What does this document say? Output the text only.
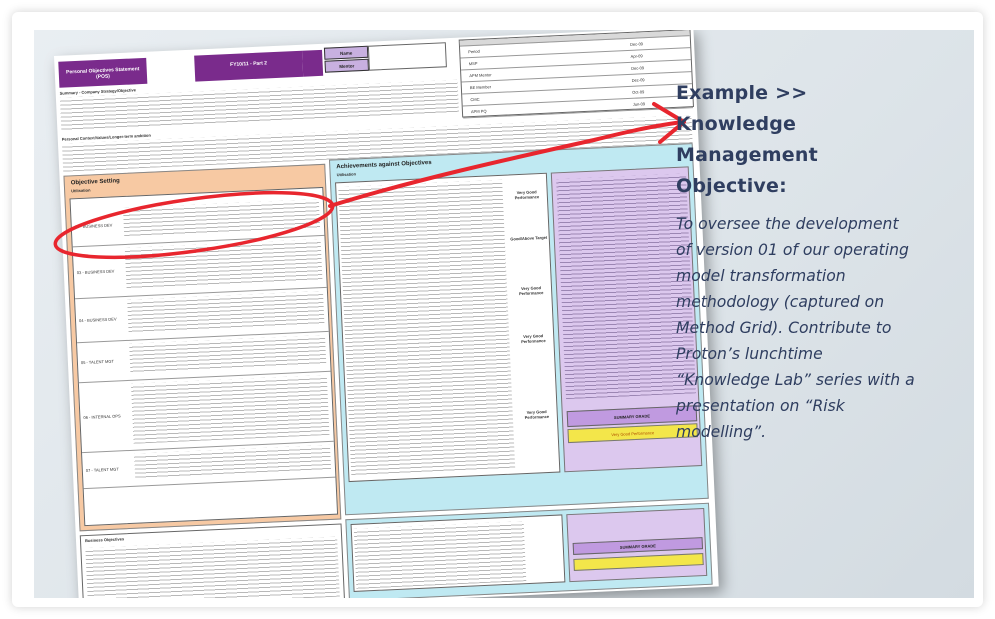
Personal Objectives Statement (POS)
FY10/11 - Part 2
Name
Mentor
Period
Dec-09
MSP
Apr-09
APM Mentor
Dec-09
BE Member
Dec-09
CMC
Oct-09
APM PQ
Jun-09
Summary - Company Strategy/Objective
Personal Context/Values/Longer-term ambition
Objective Setting
Utilisation
02 - BUSINESS DEV
03 - BUSINESS DEV
04 - BUSINESS DEV
05 - TALENT MGT
06 - INTERNAL OPS
07 - TALENT MGT
Achievements against Objectives
Utilisation
Very Good Performance
Good/Above Target
Very Good Performance
Very Good Performance
Very Good Performance	SUMMARY GRADE
Very Good Performance
Business Objectives
SUMMARY GRADE
Example >>
Knowledge
Management
Objective:
To oversee the development of version 01 of our operating model transformation methodology (captured on Method Grid). Contribute to Proton’s lunchtime “Knowledge Lab” series with a presentation on “Risk modelling”.
